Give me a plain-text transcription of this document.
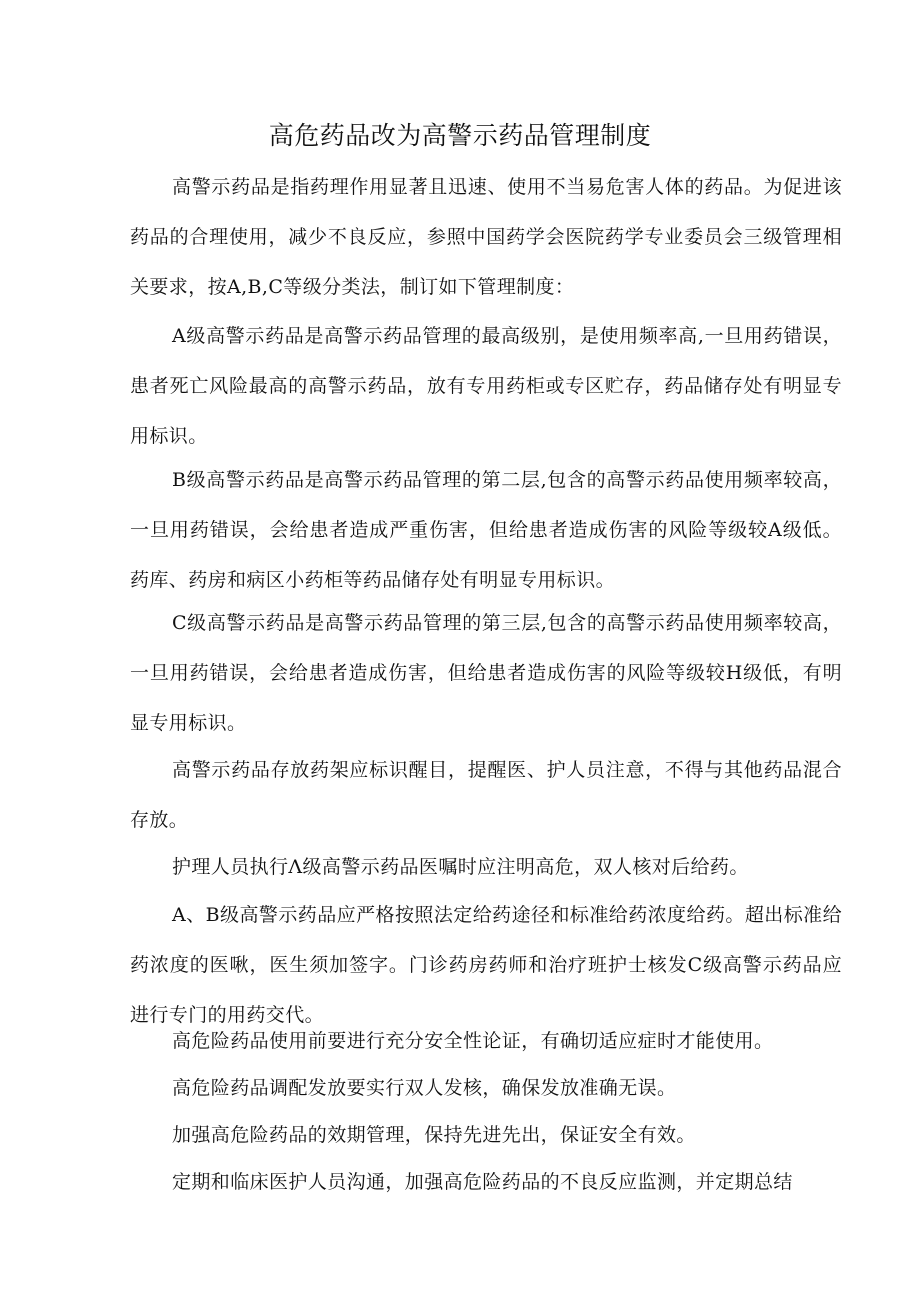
高危药品改为高警示药品管理制度
高警示药品是指药理作用显著且迅速、使用不当易危害人体的药品。为促进该药品的合理使用，减少不良反应，参照中国药学会医院药学专业委员会三级管理相关要求，按A,B,C等级分类法，制订如下管理制度：
A级高警示药品是高警示药品管理的最高级别，是使用频率高,一旦用药错误，患者死亡风险最高的高警示药品，放有专用药柜或专区贮存，药品储存处有明显专用标识。
B级高警示药品是高警示药品管理的第二层,包含的高警示药品使用频率较高，一旦用药错误，会给患者造成严重伤害，但给患者造成伤害的风险等级较A级低。药库、药房和病区小药柜等药品储存处有明显专用标识。
C级高警示药品是高警示药品管理的第三层,包含的高警示药品使用频率较高，一旦用药错误，会给患者造成伤害，但给患者造成伤害的风险等级较H级低，有明显专用标识。
高警示药品存放药架应标识醒目，提醒医、护人员注意，不得与其他药品混合存放。
护理人员执行Λ级高警示药品医嘱时应注明高危，双人核对后给药。
A、B级高警示药品应严格按照法定给药途径和标准给药浓度给药。超出标准给药浓度的医啾，医生须加签字。门诊药房药师和治疗班护士核发C级高警示药品应进行专门的用药交代。
高危险药品使用前要进行充分安全性论证，有确切适应症时才能使用。
高危险药品调配发放要实行双人发核，确保发放准确无误。
加强高危险药品的效期管理，保持先进先出，保证安全有效。
定期和临床医护人员沟通，加强高危险药品的不良反应监测，并定期总结
